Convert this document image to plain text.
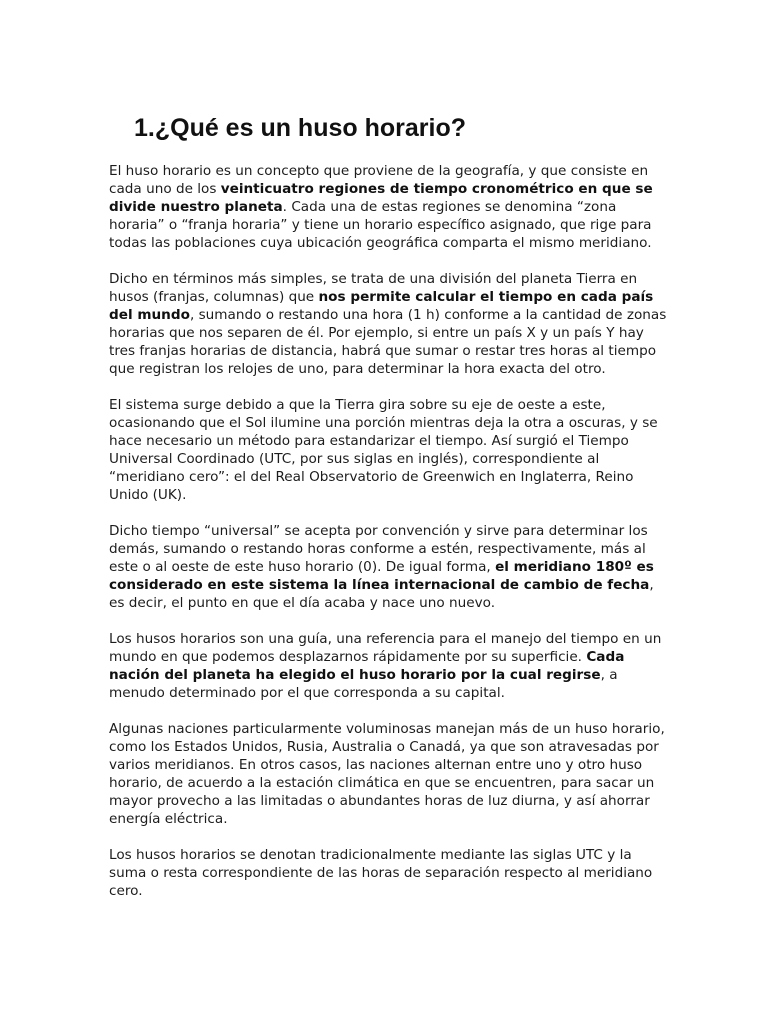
1.¿Qué es un huso horario?

El huso horario es un concepto que proviene de la geografía, y que consiste en cada uno de los veinticuatro regiones de tiempo cronométrico en que se divide nuestro planeta. Cada una de estas regiones se denomina “zona horaria” o “franja horaria” y tiene un horario específico asignado, que rige para todas las poblaciones cuya ubicación geográfica comparta el mismo meridiano.

Dicho en términos más simples, se trata de una división del planeta Tierra en husos (franjas, columnas) que nos permite calcular el tiempo en cada país del mundo, sumando o restando una hora (1 h) conforme a la cantidad de zonas horarias que nos separen de él. Por ejemplo, si entre un país X y un país Y hay tres franjas horarias de distancia, habrá que sumar o restar tres horas al tiempo que registran los relojes de uno, para determinar la hora exacta del otro.

El sistema surge debido a que la Tierra gira sobre su eje de oeste a este, ocasionando que el Sol ilumine una porción mientras deja la otra a oscuras, y se hace necesario un método para estandarizar el tiempo. Así surgió el Tiempo Universal Coordinado (UTC, por sus siglas en inglés), correspondiente al “meridiano cero”: el del Real Observatorio de Greenwich en Inglaterra, Reino Unido (UK).

Dicho tiempo “universal” se acepta por convención y sirve para determinar los demás, sumando o restando horas conforme a estén, respectivamente, más al este o al oeste de este huso horario (0). De igual forma, el meridiano 180º es considerado en este sistema la línea internacional de cambio de fecha, es decir, el punto en que el día acaba y nace uno nuevo.

Los husos horarios son una guía, una referencia para el manejo del tiempo en un mundo en que podemos desplazarnos rápidamente por su superficie. Cada nación del planeta ha elegido el huso horario por la cual regirse, a menudo determinado por el que corresponda a su capital.

Algunas naciones particularmente voluminosas manejan más de un huso horario, como los Estados Unidos, Rusia, Australia o Canadá, ya que son atravesadas por varios meridianos. En otros casos, las naciones alternan entre uno y otro huso horario, de acuerdo a la estación climática en que se encuentren, para sacar un mayor provecho a las limitadas o abundantes horas de luz diurna, y así ahorrar energía eléctrica.

Los husos horarios se denotan tradicionalmente mediante las siglas UTC y la suma o resta correspondiente de las horas de separación respecto al meridiano cero.
